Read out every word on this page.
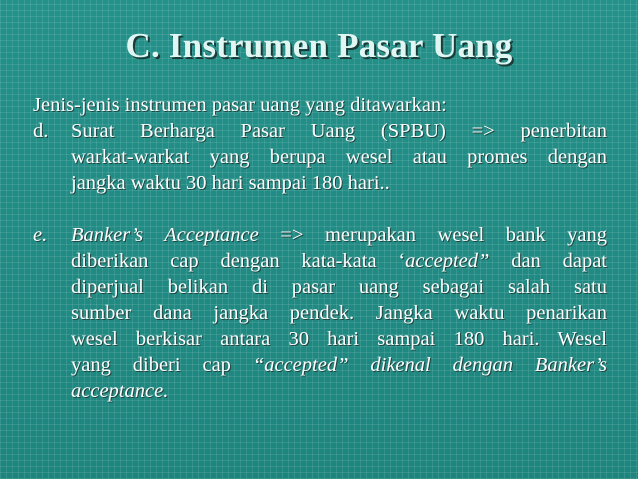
C. Instrumen Pasar Uang
Jenis-jenis instrumen pasar uang yang ditawarkan:
d. Surat Berharga Pasar Uang (SPBU) => penerbitan
warkat-warkat yang berupa wesel atau promes dengan
jangka waktu 30 hari sampai 180 hari..
e. Banker’s Acceptance => merupakan wesel bank yang
diberikan cap dengan kata-kata ‘accepted” dan dapat
diperjual belikan di pasar uang sebagai salah satu
sumber dana jangka pendek. Jangka waktu penarikan
wesel berkisar antara 30 hari sampai 180 hari. Wesel
yang diberi cap “accepted” dikenal dengan Banker’s
acceptance.
